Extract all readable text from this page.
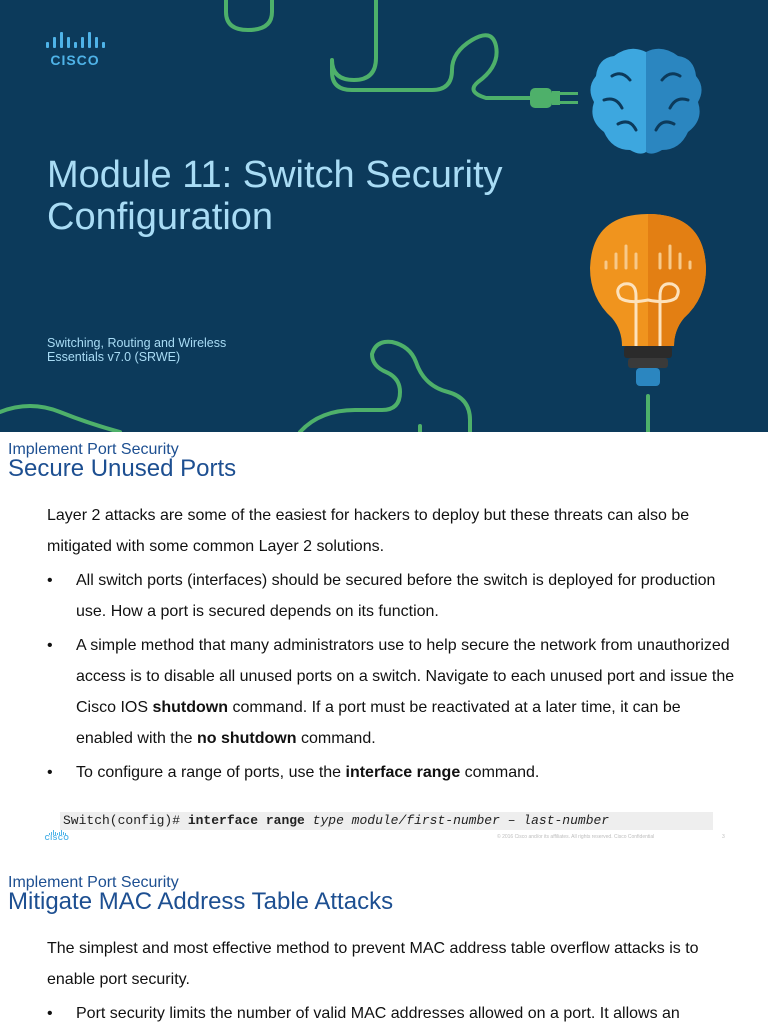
CISCO
Module 11: Switch Security Configuration
Switching, Routing and Wireless Essentials v7.0 (SRWE)
Implement Port Security
Secure Unused Ports

Layer 2 attacks are some of the easiest for hackers to deploy but these threats can also be mitigated with some common Layer 2 solutions.

• All switch ports (interfaces) should be secured before the switch is deployed for production use. How a port is secured depends on its function.
• A simple method that many administrators use to help secure the network from unauthorized access is to disable all unused ports on a switch. Navigate to each unused port and issue the Cisco IOS shutdown command. If a port must be reactivated at a later time, it can be enabled with the no shutdown command.
• To configure a range of ports, use the interface range command.
Switch(config)# interface range type module/first-number – last-number
CISCO	© 2016 Cisco and/or its affiliates. All rights reserved. Cisco Confidential	3
Implement Port Security
Mitigate MAC Address Table Attacks

The simplest and most effective method to prevent MAC address table overflow attacks is to enable port security.

• Port security limits the number of valid MAC addresses allowed on a port. It allows an
